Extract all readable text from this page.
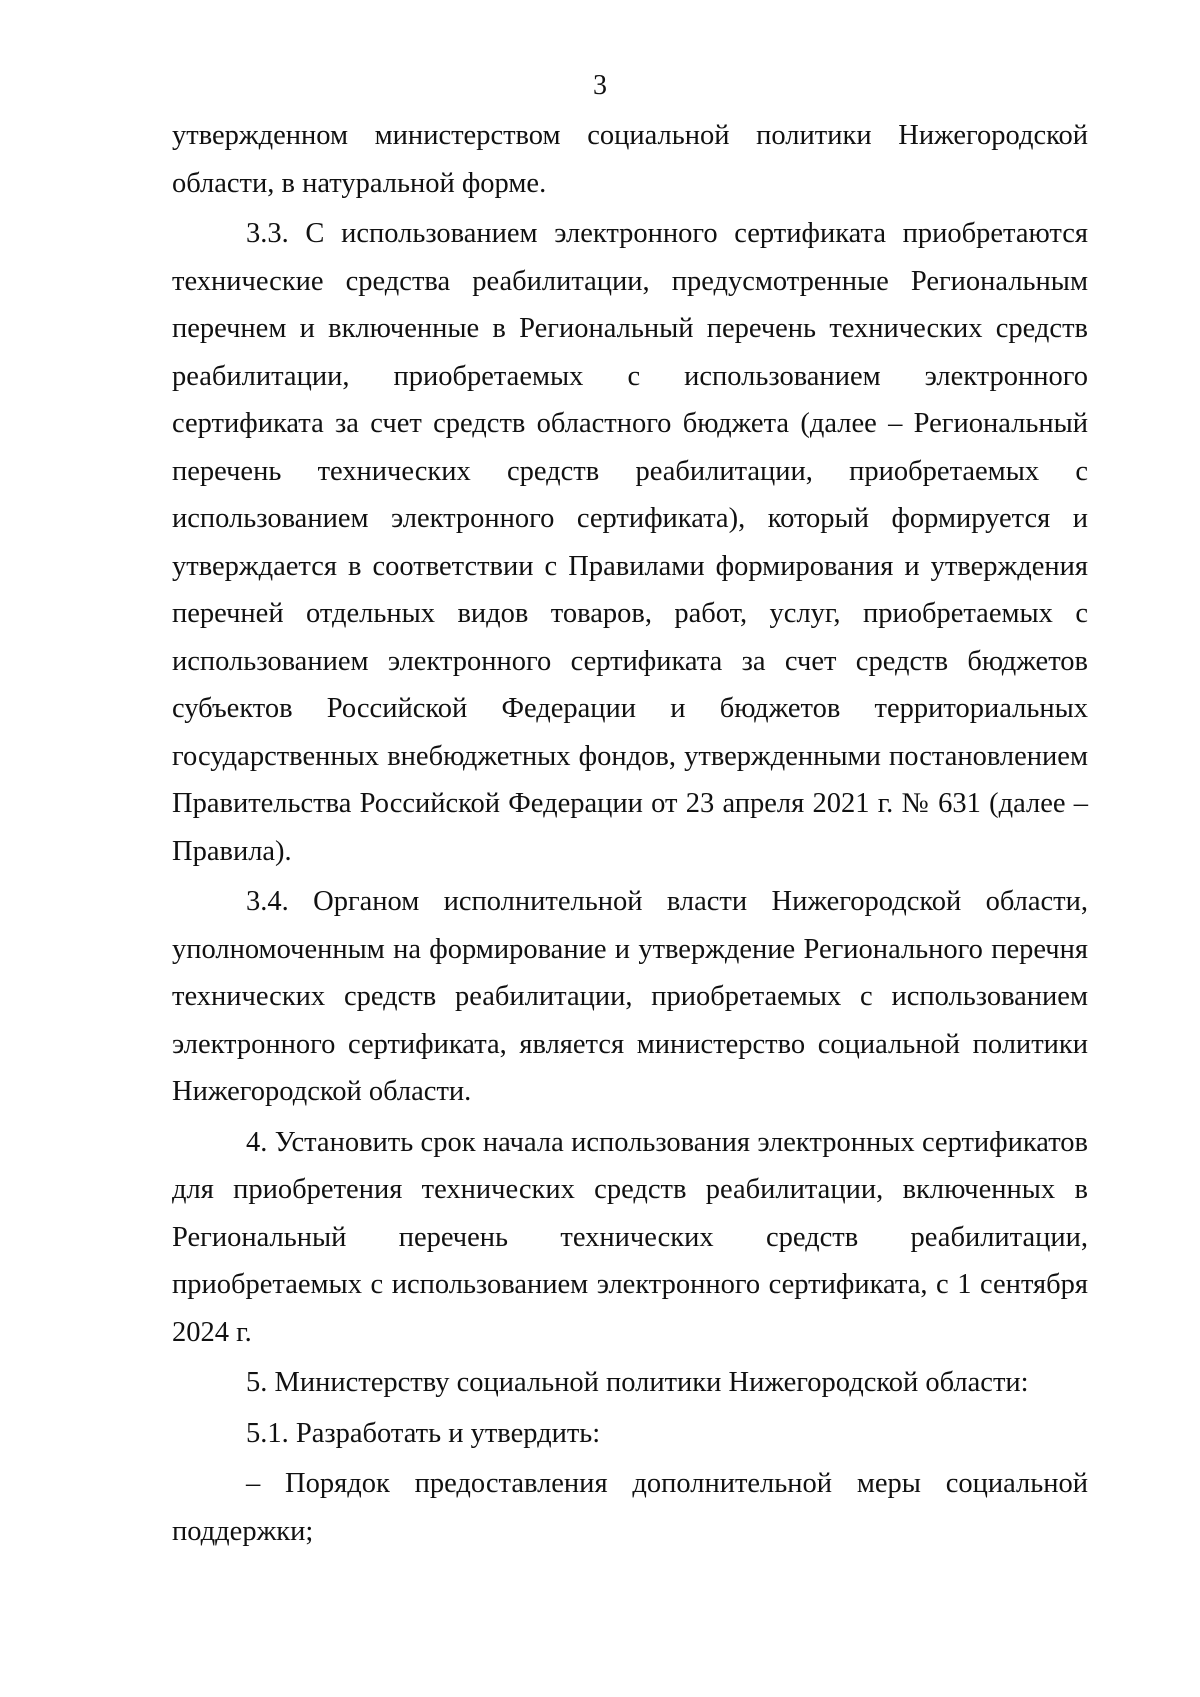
3

утвержденном министерством социальной политики Нижегородской области, в натуральной форме.

3.3. С использованием электронного сертификата приобретаются технические средства реабилитации, предусмотренные Региональным перечнем и включенные в Региональный перечень технических средств реабилитации, приобретаемых с использованием электронного сертификата за счет средств областного бюджета (далее – Региональный перечень технических средств реабилитации, приобретаемых с использованием электронного сертификата), который формируется и утверждается в соответствии с Правилами формирования и утверждения перечней отдельных видов товаров, работ, услуг, приобретаемых с использованием электронного сертификата за счет средств бюджетов субъектов Российской Федерации и бюджетов территориальных государственных внебюджетных фондов, утвержденными постановлением Правительства Российской Федерации от 23 апреля 2021 г. № 631 (далее – Правила).

3.4. Органом исполнительной власти Нижегородской области, уполномоченным на формирование и утверждение Регионального перечня технических средств реабилитации, приобретаемых с использованием электронного сертификата, является министерство социальной политики Нижегородской области.

4. Установить срок начала использования электронных сертификатов для приобретения технических средств реабилитации, включенных в Региональный перечень технических средств реабилитации, приобретаемых с использованием электронного сертификата, с 1 сентября 2024 г.

5. Министерству социальной политики Нижегородской области:

5.1. Разработать и утвердить:

– Порядок предоставления дополнительной меры социальной поддержки;
